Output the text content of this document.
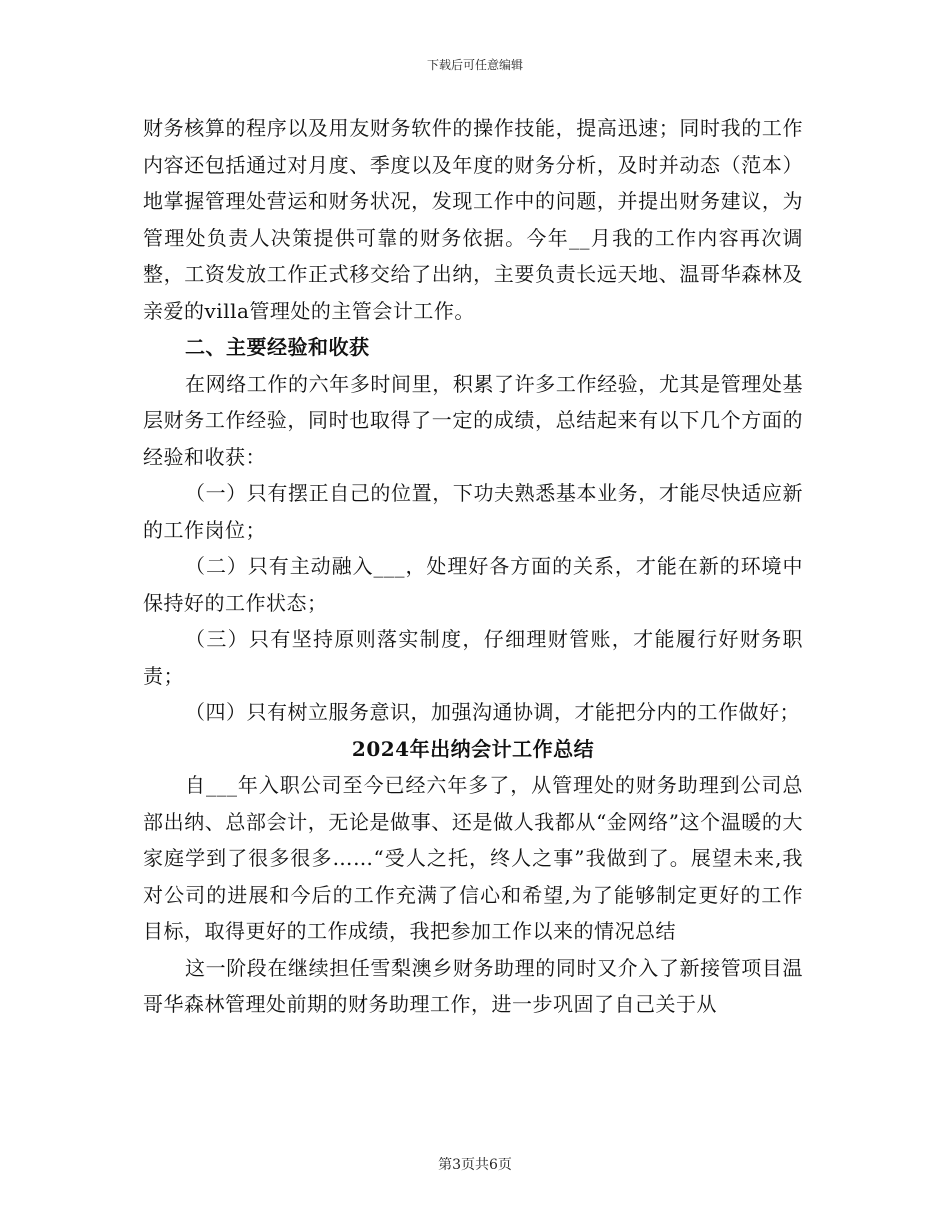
下载后可任意编辑

财务核算的程序以及用友财务软件的操作技能，提高迅速；同时我的工作内容还包括通过对月度、季度以及年度的财务分析，及时并动态（范本）地掌握管理处营运和财务状况，发现工作中的问题，并提出财务建议，为管理处负责人决策提供可靠的财务依据。今年__月我的工作内容再次调整，工资发放工作正式移交给了出纳，主要负责长远天地、温哥华森林及亲爱的villa管理处的主管会计工作。

二、主要经验和收获

在网络工作的六年多时间里，积累了许多工作经验，尤其是管理处基层财务工作经验，同时也取得了一定的成绩，总结起来有以下几个方面的经验和收获：

（一）只有摆正自己的位置，下功夫熟悉基本业务，才能尽快适应新的工作岗位；

（二）只有主动融入___，处理好各方面的关系，才能在新的环境中保持好的工作状态；

（三）只有坚持原则落实制度，仔细理财管账，才能履行好财务职责；

（四）只有树立服务意识，加强沟通协调，才能把分内的工作做好；

2024年出纳会计工作总结

自___年入职公司至今已经六年多了，从管理处的财务助理到公司总部出纳、总部会计，无论是做事、还是做人我都从“金网络”这个温暖的大家庭学到了很多很多……“受人之托，终人之事”我做到了。展望未来,我对公司的进展和今后的工作充满了信心和希望,为了能够制定更好的工作目标，取得更好的工作成绩，我把参加工作以来的情况总结

这一阶段在继续担任雪梨澳乡财务助理的同时又介入了新接管项目温哥华森林管理处前期的财务助理工作，进一步巩固了自己关于从

第3页共6页
